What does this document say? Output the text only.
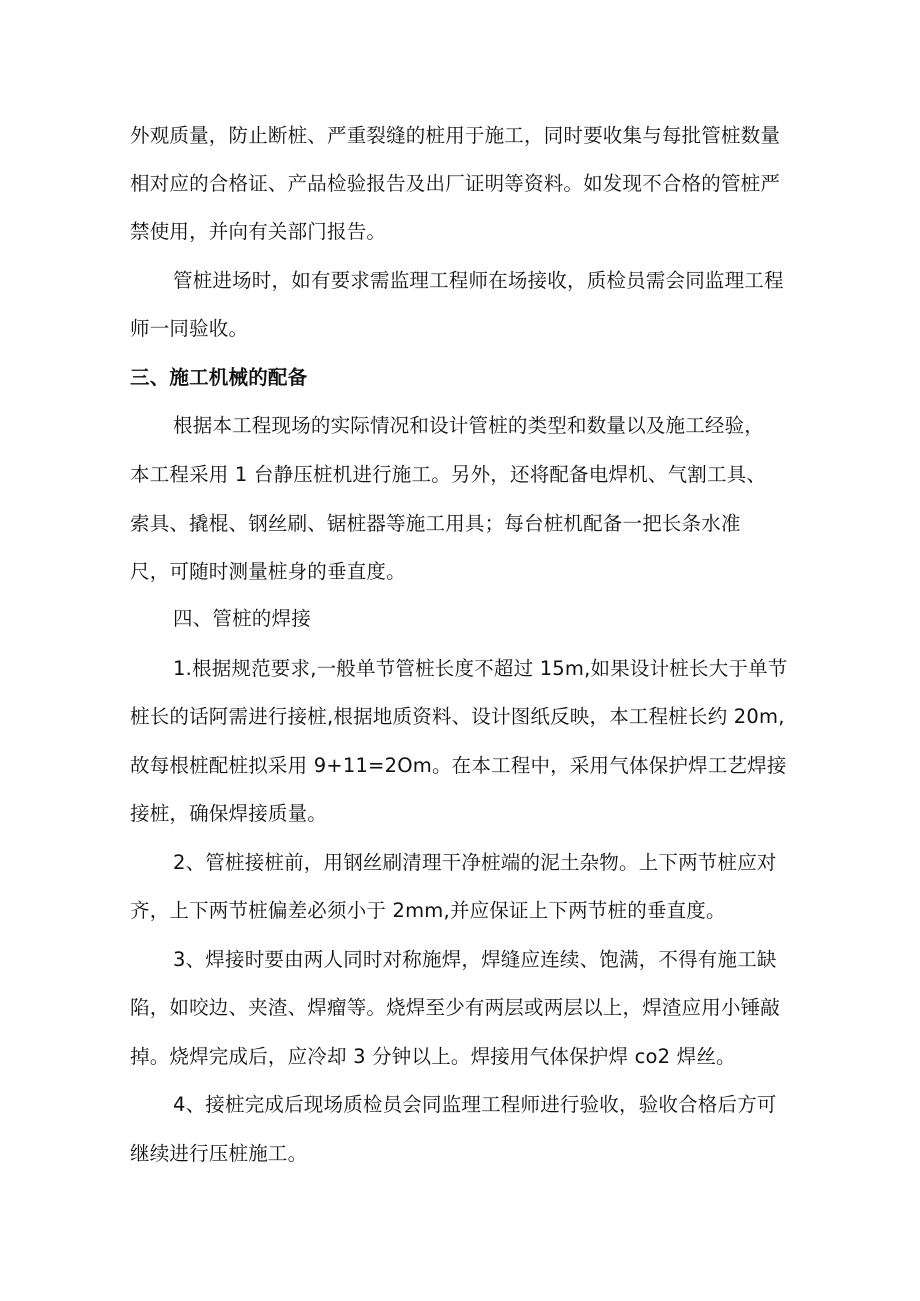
外观质量，防止断桩、严重裂缝的桩用于施工，同时要收集与每批管桩数量
相对应的合格证、产品检验报告及出厂证明等资料。如发现不合格的管桩严
禁使用，并向有关部门报告。
管桩进场时，如有要求需监理工程师在场接收，质检员需会同监理工程
师一同验收。
三、施工机械的配备
根据本工程现场的实际情况和设计管桩的类型和数量以及施工经验，
本工程采用 1 台静压桩机进行施工。另外，还将配备电焊机、气割工具、
索具、撬棍、钢丝刷、锯桩器等施工用具；每台桩机配备一把长条水准
尺，可随时测量桩身的垂直度。
四、管桩的焊接
1.根据规范要求,一般单节管桩长度不超过 15m,如果设计桩长大于单节
桩长的话阿需进行接桩,根据地质资料、设计图纸反映，本工程桩长约 20m,
故每根桩配桩拟采用 9+11=2Om。在本工程中，采用气体保护焊工艺焊接
接桩，确保焊接质量。
2、管桩接桩前，用钢丝刷清理干净桩端的泥土杂物。上下两节桩应对
齐，上下两节桩偏差必须小于 2mm,并应保证上下两节桩的垂直度。
3、焊接时要由两人同时对称施焊，焊缝应连续、饱满，不得有施工缺
陷，如咬边、夹渣、焊瘤等。烧焊至少有两层或两层以上，焊渣应用小锤敲
掉。烧焊完成后，应冷却 3 分钟以上。焊接用气体保护焊 co2 焊丝。
4、接桩完成后现场质检员会同监理工程师进行验收，验收合格后方可
继续进行压桩施工。
